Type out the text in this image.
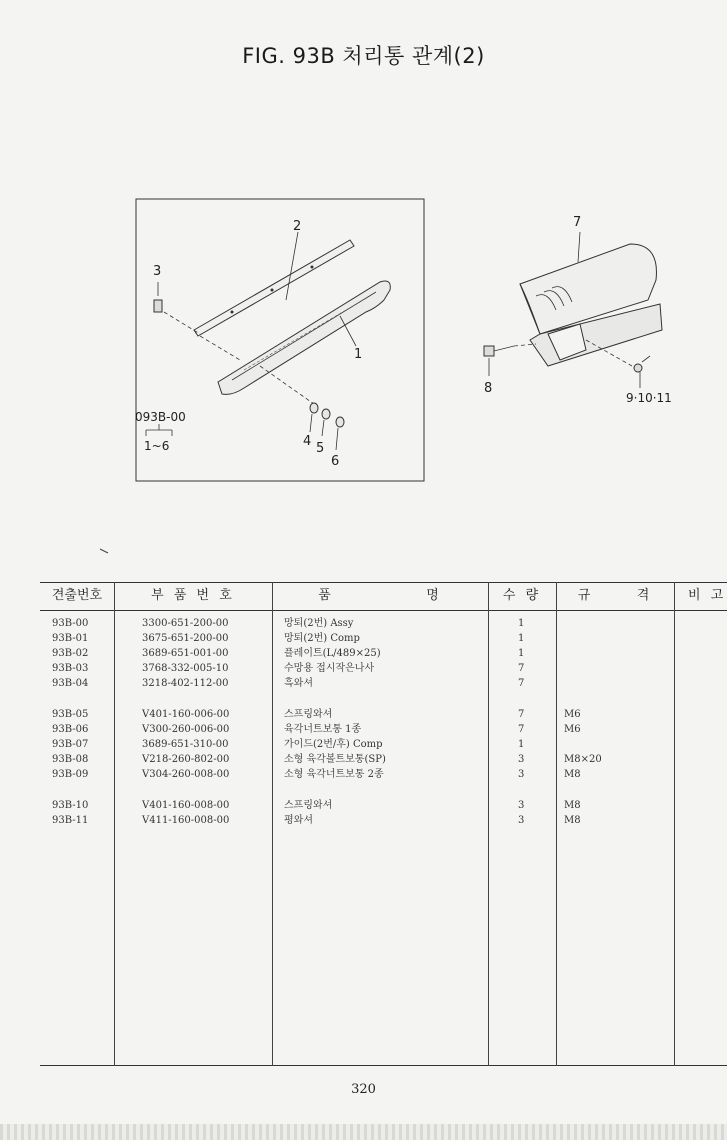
FIG. 93B 처리통 관계(2)
2
3
1
4 5
6
093B-00
1~6
7
8
9·10·11
견출번호	부 품 번 호	품	명	수 량	규	격	비 고
93B-00	3300-651-200-00	망퇴(2번) Assy	1
93B-01	3675-651-200-00	망퇴(2번) Comp	1
93B-02	3689-651-001-00	플레이트(L/489×25)	1
93B-03	3768-332-005-10	수망용 접시작은나사	7
93B-04	3218-402-112-00	흑와셔	7
93B-05	V401-160-006-00	스프링와셔	7	M6
93B-06	V300-260-006-00	육각너트보통 1종	7	M6
93B-07	3689-651-310-00	가이드(2번/후) Comp	1
93B-08	V218-260-802-00	소형 육각볼트보통(SP)	3	M8×20
93B-09	V304-260-008-00	소형 육각너트보통 2종	3	M8
93B-10	V401-160-008-00	스프링와셔	3	M8
93B-11	V411-160-008-00	평와셔	3	M8
320
